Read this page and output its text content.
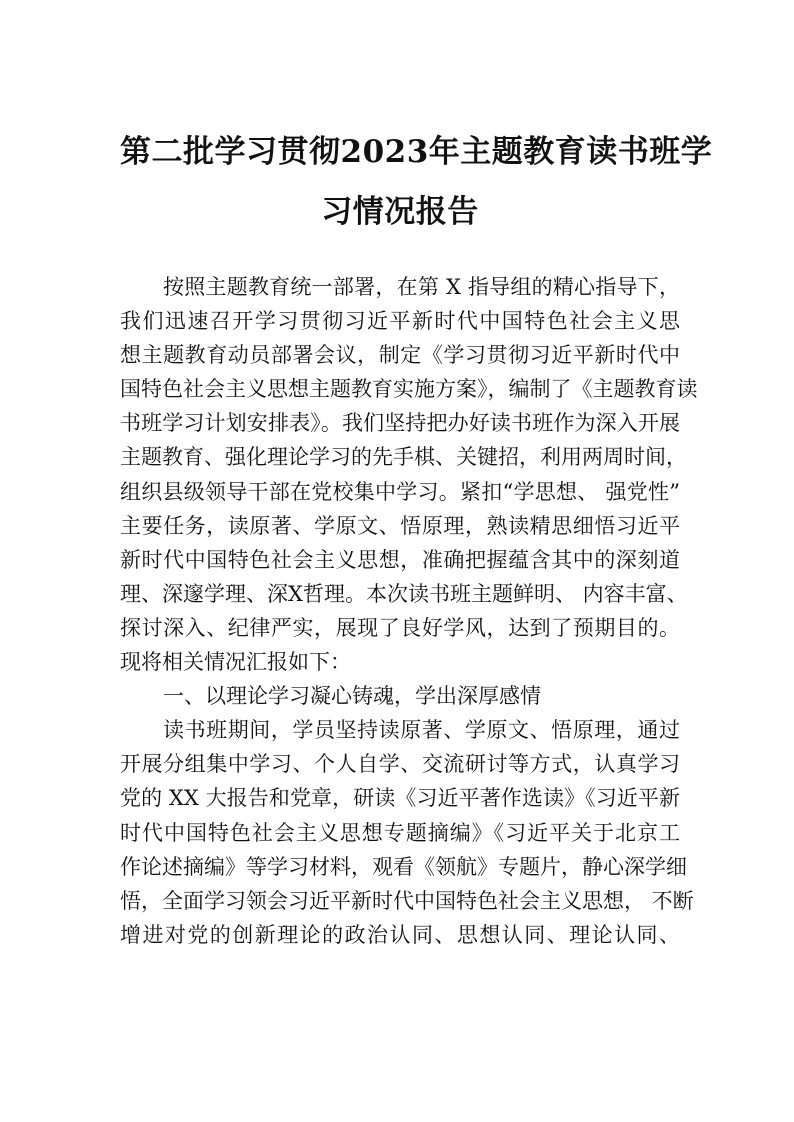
第二批学习贯彻2023年主题教育读书班学
习情况报告
按照主题教育统一部署，在第 X 指导组的精心指导下，
我们迅速召开学习贯彻习近平新时代中国特色社会主义思
想主题教育动员部署会议，制定《学习贯彻习近平新时代中
国特色社会主义思想主题教育实施方案》，编制了《主题教育读
书班学习计划安排表》。我们坚持把办好读书班作为深入开展
主题教育、强化理论学习的先手棋、关键招，利用两周时间，
组织县级领导干部在党校集中学习。紧扣“学思想、 强党性”
主要任务，读原著、学原文、悟原理，熟读精思细悟习近平
新时代中国特色社会主义思想，准确把握蕴含其中的深刻道
理、深邃学理、深X哲理。本次读书班主题鲜明、 内容丰富、
探讨深入、纪律严实，展现了良好学风，达到了预期目的。
现将相关情况汇报如下：
一、以理论学习凝心铸魂，学出深厚感情
读书班期间，学员坚持读原著、学原文、悟原理，通过
开展分组集中学习、个人自学、交流研讨等方式，认真学习
党的 XX 大报告和党章，研读《习近平著作选读》《习近平新
时代中国特色社会主义思想专题摘编》《习近平关于北京工
作论述摘编》等学习材料，观看《领航》专题片，静心深学细
悟，全面学习领会习近平新时代中国特色社会主义思想， 不断
增进对党的创新理论的政治认同、思想认同、理论认同、
